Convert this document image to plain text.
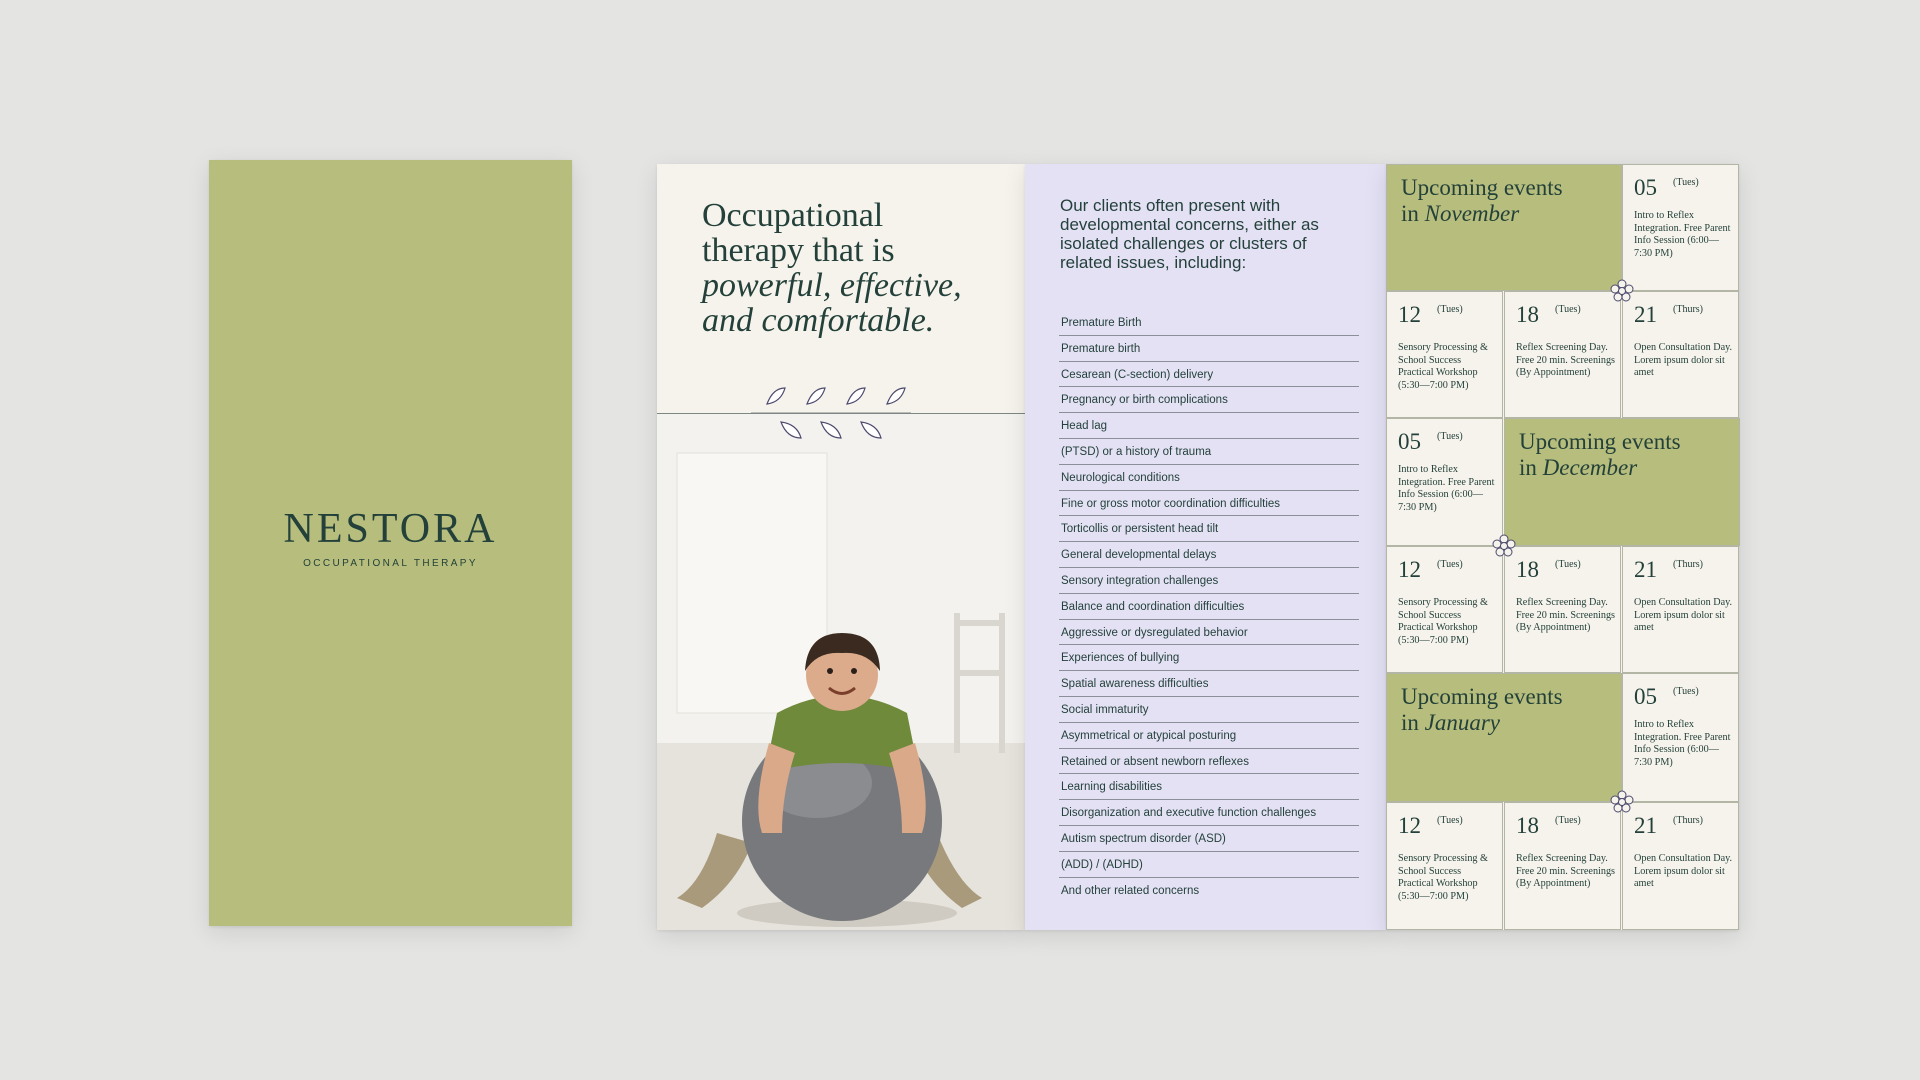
NESTORA
OCCUPATIONAL THERAPY
Occupational
therapy that is
powerful, effective,
and comfortable.

Our clients often present with developmental concerns, either as isolated challenges or clusters of related issues, including:

Premature Birth
Premature birth
Cesarean (C-section) delivery
Pregnancy or birth complications
Head lag
(PTSD) or a history of trauma
Neurological conditions
Fine or gross motor coordination difficulties
Torticollis or persistent head tilt
General developmental delays
Sensory integration challenges
Balance and coordination difficulties
Aggressive or dysregulated behavior
Experiences of bullying
Spatial awareness difficulties
Social immaturity
Asymmetrical or atypical posturing
Retained or absent newborn reflexes
Learning disabilities
Disorganization and executive function challenges
Autism spectrum disorder (ASD)
(ADD) / (ADHD)
And other related concerns
Upcoming events
in November
05 (Tues)
Intro to Reflex Integration. Free Parent Info Session (6:00—7:30 PM)
12 (Tues)
Sensory Processing & School Success Practical Workshop (5:30—7:00 PM)
18 (Tues)
Reflex Screening Day. Free 20 min. Screenings (By Appointment)
21 (Thurs)
Open Consultation Day. Lorem ipsum dolor sit amet
05 (Tues)
Intro to Reflex Integration. Free Parent Info Session (6:00—7:30 PM)
Upcoming events
in December
12 (Tues)
Sensory Processing & School Success Practical Workshop (5:30—7:00 PM)
18 (Tues)
Reflex Screening Day. Free 20 min. Screenings (By Appointment)
21 (Thurs)
Open Consultation Day. Lorem ipsum dolor sit amet
Upcoming events
in January
05 (Tues)
Intro to Reflex Integration. Free Parent Info Session (6:00—7:30 PM)
12 (Tues)
Sensory Processing & School Success Practical Workshop (5:30—7:00 PM)
18 (Tues)
Reflex Screening Day. Free 20 min. Screenings (By Appointment)
21 (Thurs)
Open Consultation Day. Lorem ipsum dolor sit amet
